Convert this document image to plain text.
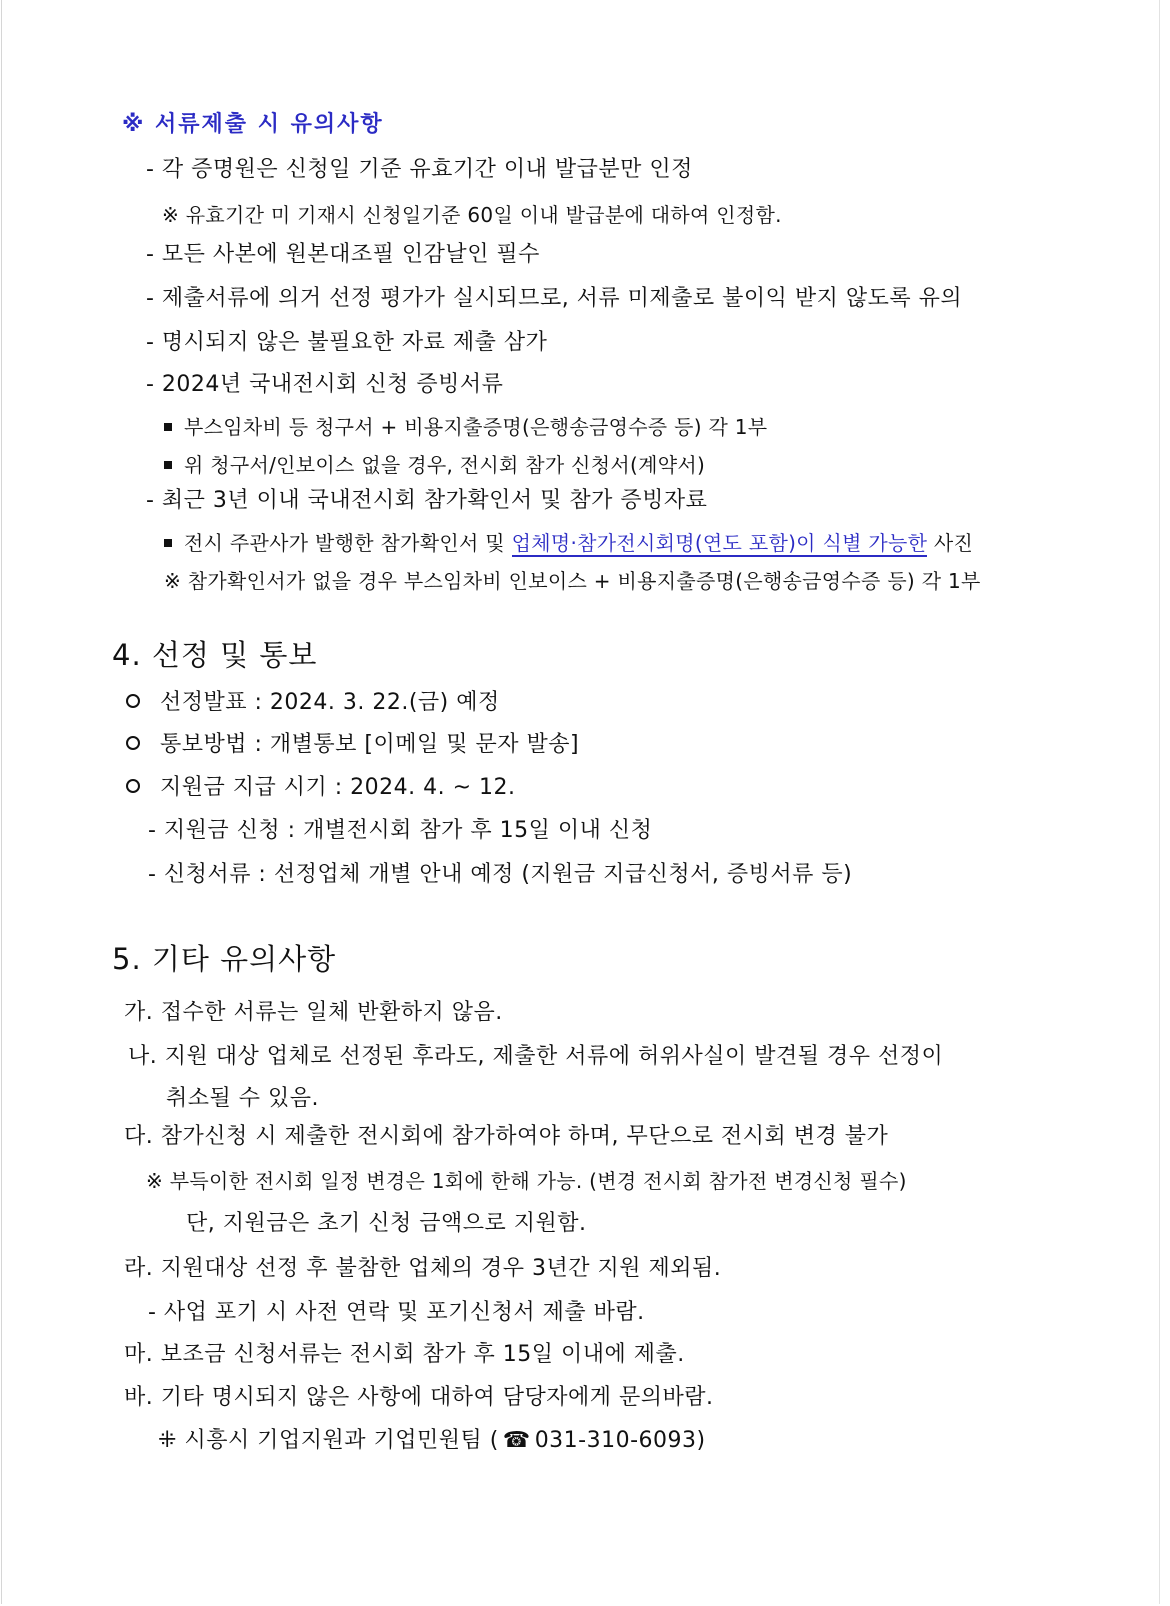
※ 서류제출 시 유의사항
- 각 증명원은 신청일 기준 유효기간 이내 발급분만 인정
※ 유효기간 미 기재시 신청일기준 60일 이내 발급분에 대하여 인정함.
- 모든 사본에 원본대조필 인감날인 필수
- 제출서류에 의거 선정 평가가 실시되므로, 서류 미제출로 불이익 받지 않도록 유의
- 명시되지 않은 불필요한 자료 제출 삼가
- 2024년 국내전시회 신청 증빙서류
부스임차비 등 청구서 + 비용지출증명(은행송금영수증 등) 각 1부
위 청구서/인보이스 없을 경우, 전시회 참가 신청서(계약서)
- 최근 3년 이내 국내전시회 참가확인서 및 참가 증빙자료
전시 주관사가 발행한 참가확인서 및 업체명·참가전시회명(연도 포함)이 식별 가능한 사진
※ 참가확인서가 없을 경우 부스임차비 인보이스 + 비용지출증명(은행송금영수증 등) 각 1부
4. 선정 및 통보
선정발표 : 2024. 3. 22.(금) 예정
통보방법 : 개별통보 [이메일 및 문자 발송]
지원금 지급 시기 : 2024. 4. ~ 12.
- 지원금 신청 : 개별전시회 참가 후 15일 이내 신청
- 신청서류 : 선정업체 개별 안내 예정 (지원금 지급신청서, 증빙서류 등)
5. 기타 유의사항
가. 접수한 서류는 일체 반환하지 않음.
나. 지원 대상 업체로 선정된 후라도, 제출한 서류에 허위사실이 발견될 경우 선정이
취소될 수 있음.
다. 참가신청 시 제출한 전시회에 참가하여야 하며, 무단으로 전시회 변경 불가
※ 부득이한 전시회 일정 변경은 1회에 한해 가능. (변경 전시회 참가전 변경신청 필수)
단, 지원금은 초기 신청 금액으로 지원함.
라. 지원대상 선정 후 불참한 업체의 경우 3년간 지원 제외됨.
- 사업 포기 시 사전 연락 및 포기신청서 제출 바람.
마. 보조금 신청서류는 전시회 참가 후 15일 이내에 제출.
바. 기타 명시되지 않은 사항에 대하여 담당자에게 문의바람.
⁜ 시흥시 기업지원과 기업민원팀 ( ☎ 031-310-6093)
